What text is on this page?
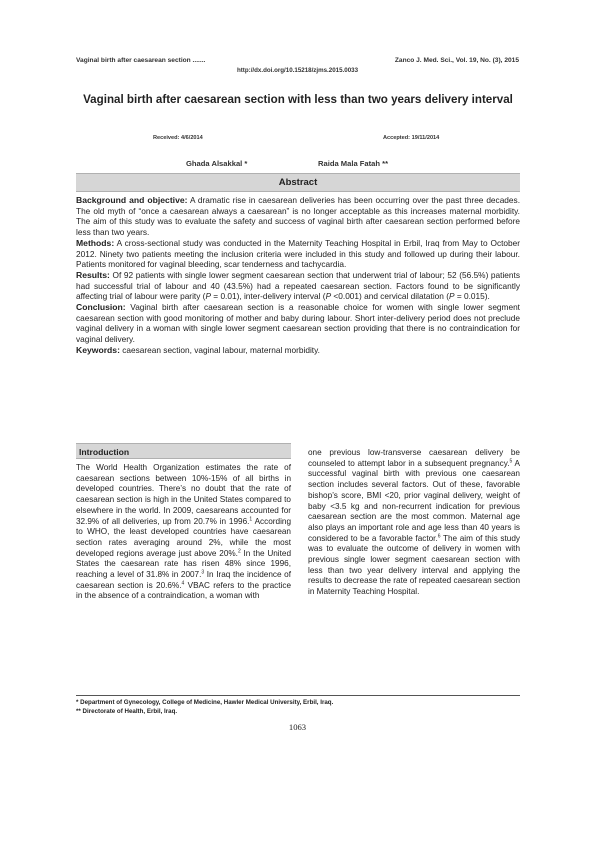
Vaginal birth after caesarean section .......	Zanco J. Med. Sci., Vol. 19, No. (3), 2015
http://dx.doi.org/10.15218/zjms.2015.0033
Vaginal birth after caesarean section with less than two years delivery interval
Received: 4/6/2014	Accepted: 19/11/2014
Ghada Alsakkal *	Raida Mala Fatah **
Abstract

Background and objective: A dramatic rise in caesarean deliveries has been occurring over the past three decades. The old myth of “once a caesarean always a caesarean” is no longer acceptable as this increases maternal morbidity. The aim of this study was to evaluate the safety and success of vaginal birth after caesarean section performed before less than two years.

Methods: A cross-sectional study was conducted in the Maternity Teaching Hospital in Erbil, Iraq from May to October 2012. Ninety two patients meeting the inclusion criteria were included in this study and followed up during their labour. Patients monitored for vaginal bleeding, scar tenderness and tachycardia.

Results: Of 92 patients with single lower segment caesarean section that underwent trial of labour; 52 (56.5%) patients had successful trial of labour and 40 (43.5%) had a repeated caesarean section. Factors found to be significantly affecting trial of labour were parity (P = 0.01), inter-delivery interval (P <0.001) and cervical dilatation (P = 0.015).

Conclusion: Vaginal birth after caesarean section is a reasonable choice for women with single lower segment caesarean section with good monitoring of mother and baby during labour. Short inter-delivery period does not preclude vaginal delivery in a woman with single lower segment caesarean section providing that there is no contraindication for vaginal delivery.

Keywords: caesarean section, vaginal labour, maternal morbidity.

Introduction

The World Health Organization estimates the rate of caesarean sections between 10%-15% of all births in developed countries. There’s no doubt that the rate of caesarean section is high in the United States compared to elsewhere in the world. In 2009, caesareans accounted for 32.9% of all deliveries, up from 20.7% in 1996.$^1$ According to WHO, the least developed countries have caesarean section rates averaging around 2%, while the most developed regions average just above 20%.$^2$ In the United States the caesarean rate has risen 48% since 1996, reaching a level of 31.8% in 2007.$^3$ In Iraq the incidence of caesarean section is 20.6%.$^4$ VBAC refers to the practice in the absence of a contraindication, a woman with

one previous low-transverse caesarean delivery be counseled to attempt labor in a subsequent pregnancy.$^5$ A successful vaginal birth with previous one caesarean section includes several factors. Out of these, favorable bishop’s score, BMI <20, prior vaginal delivery, weight of baby <3.5 kg and non-recurrent indication for previous caesarean section are the most common. Maternal age also plays an important role and age less than 40 years is considered to be a favorable factor.$^6$ The aim of this study was to evaluate the outcome of delivery in women with previous single lower segment caesarean section with less than two year delivery interval and applying the results to decrease the rate of repeated caesarean section in Maternity Teaching Hospital.

* Department of Gynecology, College of Medicine, Hawler Medical University, Erbil, Iraq.
** Directorate of Health, Erbil, Iraq.
1063
